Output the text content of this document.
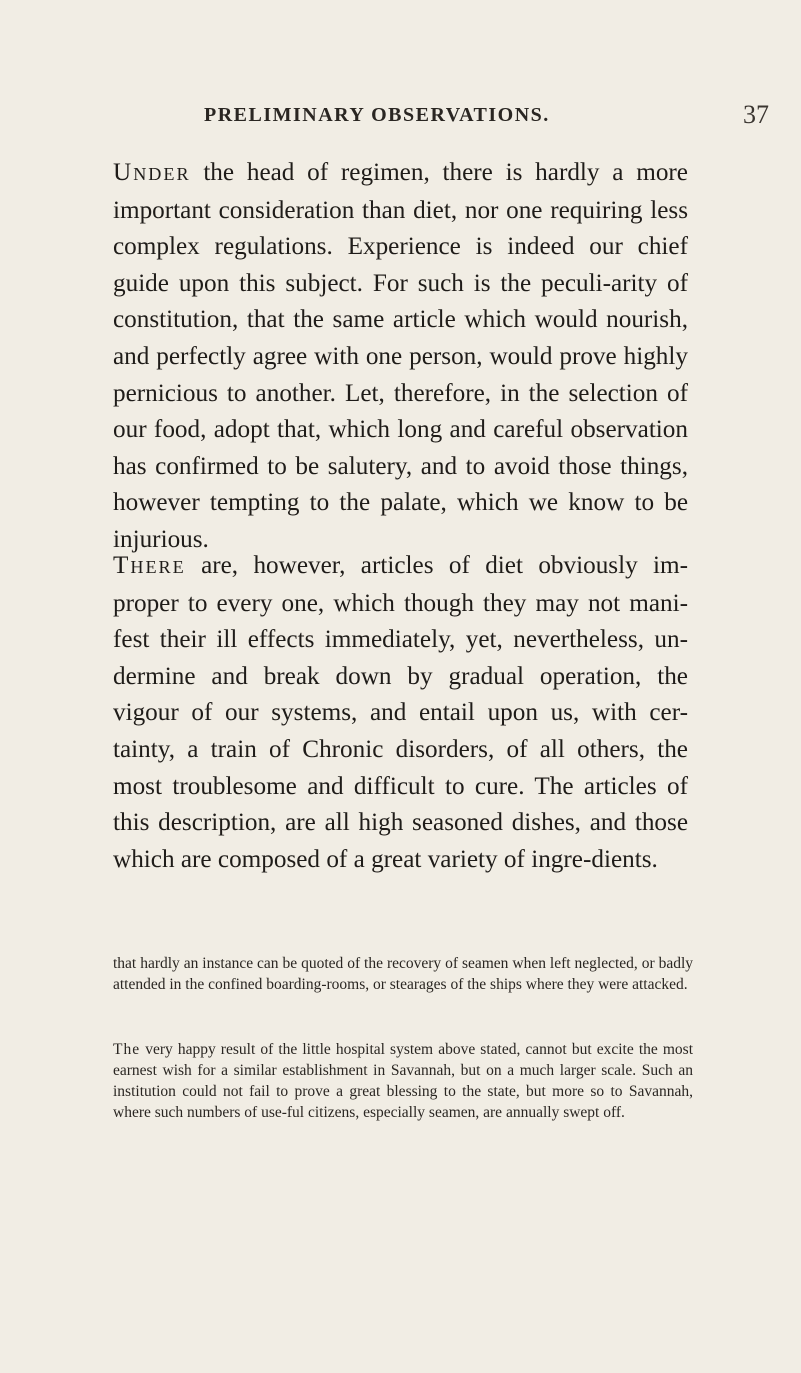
PRELIMINARY OBSERVATIONS.	37

UNDER the head of regimen, there is hardly a more important consideration than diet, nor one requiring less complex regulations. Experience is indeed our chief guide upon this subject. For such is the peculi-arity of constitution, that the same article which would nourish, and perfectly agree with one person, would prove highly pernicious to another. Let, therefore, in the selection of our food, adopt that, which long and careful observation has confirmed to be salutery, and to avoid those things, however tempting to the palate, which we know to be injurious.

THERE are, however, articles of diet obviously im-proper to every one, which though they may not mani-fest their ill effects immediately, yet, nevertheless, un-dermine and break down by gradual operation, the vigour of our systems, and entail upon us, with cer-tainty, a train of Chronic disorders, of all others, the most troublesome and difficult to cure. The articles of this description, are all high seasoned dishes, and those which are composed of a great variety of ingre-dients.

that hardly an instance can be quoted of the recovery of seamen when left neglected, or badly attended in the confined boarding-rooms, or stearages of the ships where they were attacked.

The very happy result of the little hospital system above stated, cannot but excite the most earnest wish for a similar establishment in Savannah, but on a much larger scale. Such an institution could not fail to prove a great blessing to the state, but more so to Savannah, where such numbers of use-ful citizens, especially seamen, are annually swept off.
